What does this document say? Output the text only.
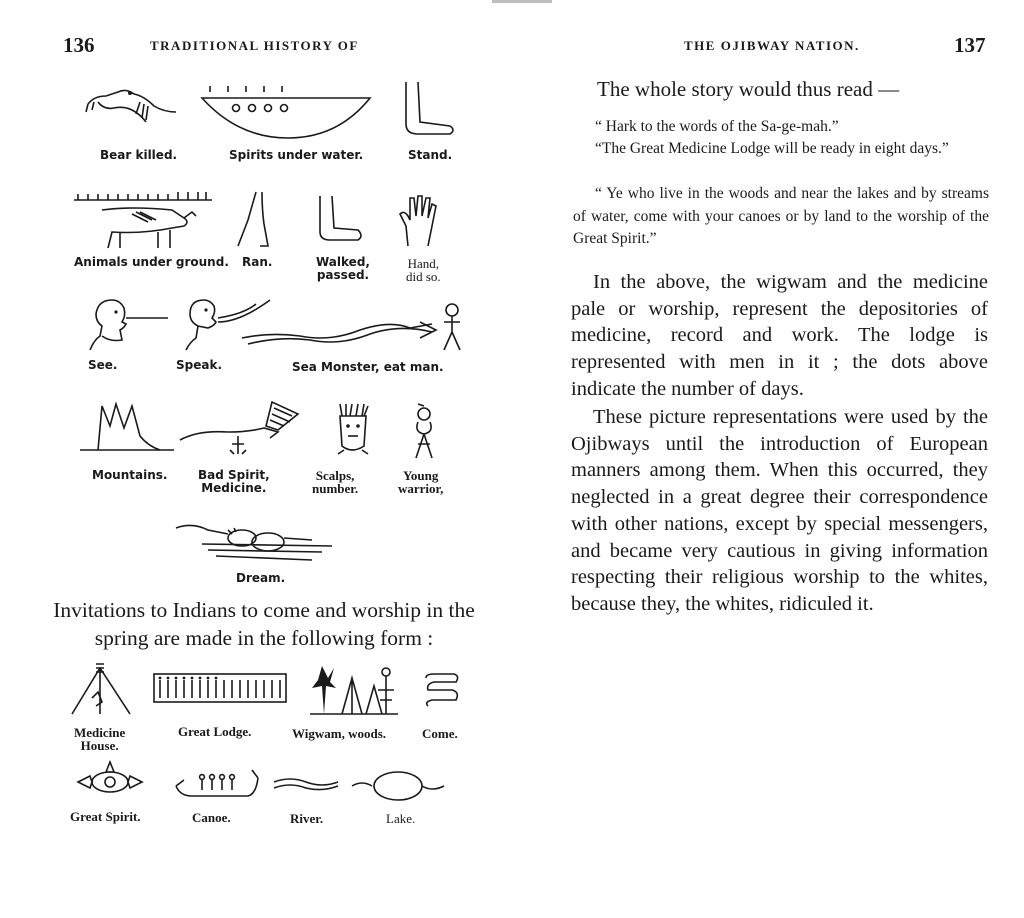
136	TRADITIONAL HISTORY OF
Bear killed.	Spirits under water.	Stand.
Animals under ground. Ran.	Walked,
passed.
Hand,
did so.
See.	Speak.	Sea Monster, eat man.
Mountains.	Bad Spirit,
Medicine.
Scalps,
number.
Young
warrior,
Dream.
Invitations to Indians to come and worship in the spring are made in the following form :
Medicine
House.
Great Lodge.	Wigwam, woods.	Come.
Great Spirit.	Canoe.	River.	Lake.
THE OJIBWAY NATION.	137
The whole story would thus read —
“ Hark to the words of the Sa-ge-mah.”
“The Great Medicine Lodge will be ready in eight days.”
“ Ye who live in the woods and near the lakes and by streams of water, come with your canoes or by land to the worship of the Great Spirit.”
In the above, the wigwam and the medicine pale or worship, represent the depositories of medicine, record and work. The lodge is represented with men in it ; the dots above indicate the number of days.
These picture representations were used by the Ojibways until the introduction of European manners among them. When this occurred, they neglected in a great degree their correspondence with other nations, except by special messengers, and became very cautious in giving information respecting their religious worship to the whites, because they, the whites, ridiculed it.
